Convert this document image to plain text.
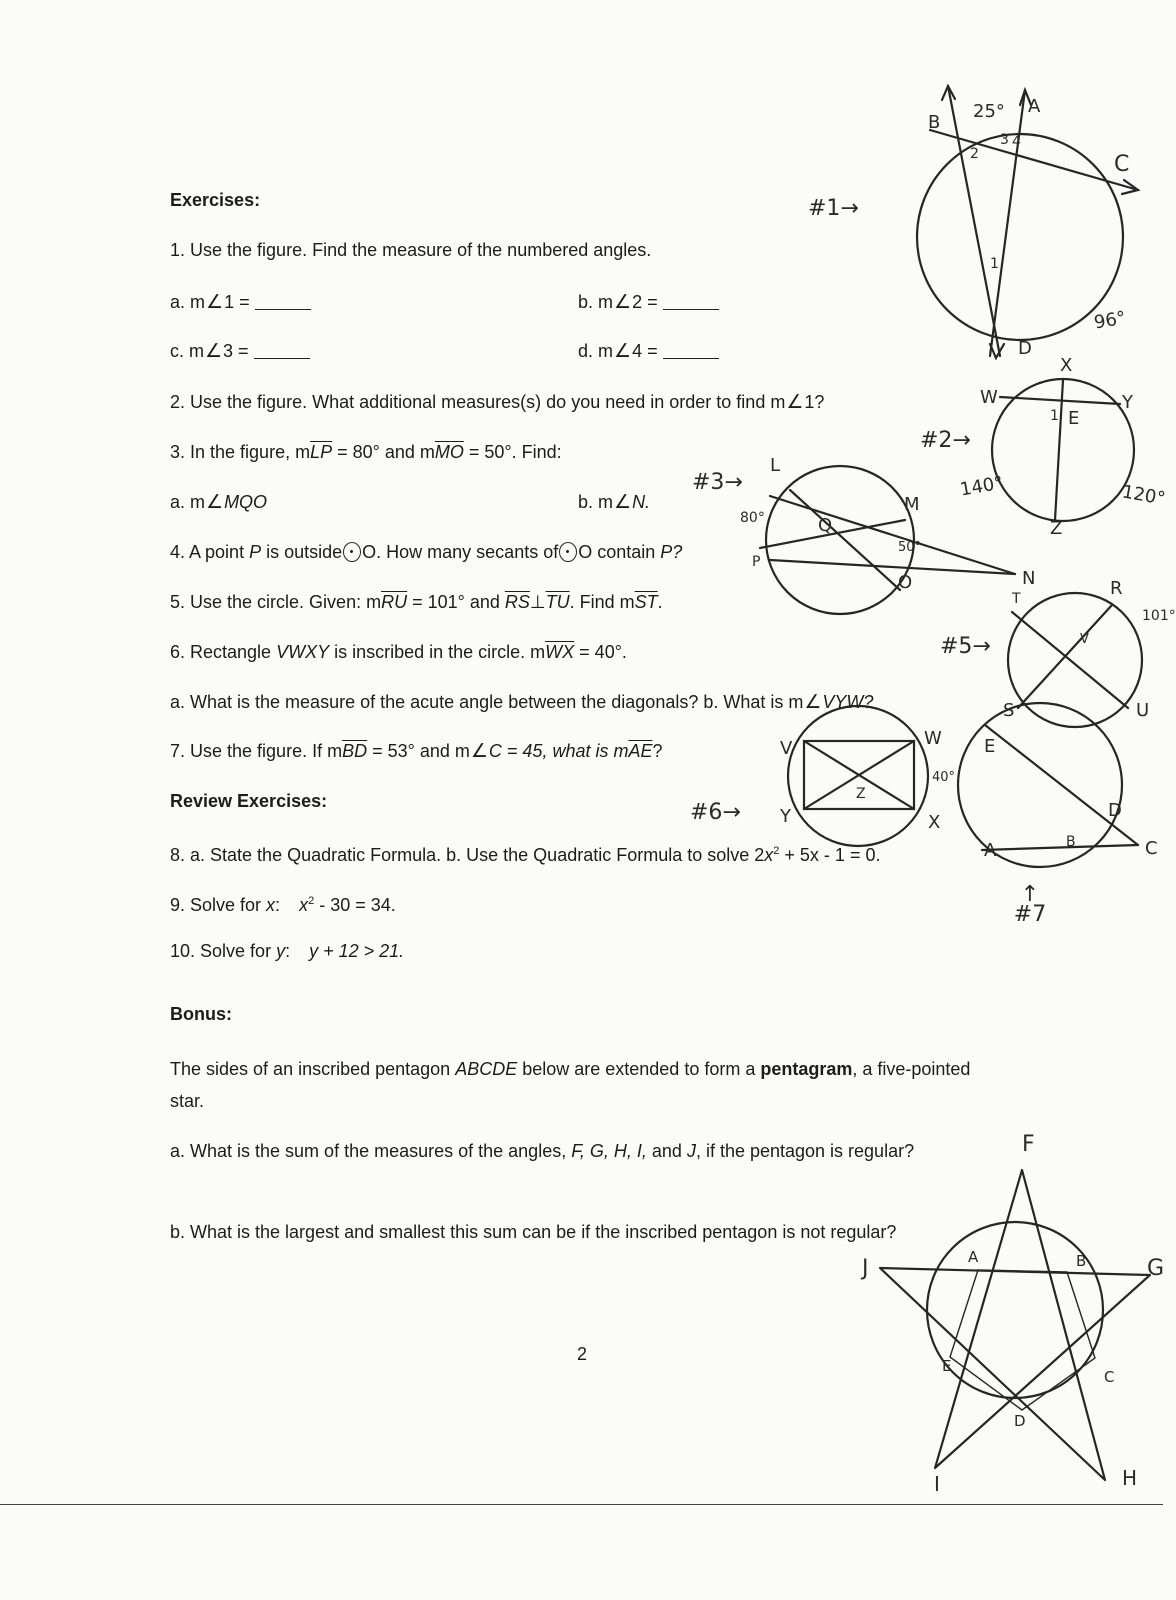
Exercises:
1. Use the figure. Find the measure of the numbered angles.
a. m∠1 =	b. m∠2 =
c. m∠3 =	d. m∠4 =
2. Use the figure. What additional measures(s) do you need in order to find m∠1?
3. In the figure, $m\overline{LP} = 80^\circ$ and $m\overline{MO} = 50^\circ$. Find:
a. m∠MQO	b. m∠N.
4. A point P is outside O. How many secants of O contain P?
5. Use the circle. Given: $m\overline{RU} = 101^\circ$ and $\overline{RS}\perp\overline{TU}$. Find $m\overline{ST}$.
6. Rectangle VWXY is inscribed in the circle. $m\overline{WX} = 40^\circ$.
a. What is the measure of the acute angle between the diagonals? b. What is m∠VYW?
7. Use the figure. If $m\overline{BD} = 53^\circ$ and m∠C = 45, what is $m\overline{AE}$?
Review Exercises:
8. a. State the Quadratic Formula. b. Use the Quadratic Formula to solve $2x^2 + 5x - 1 = 0$.
9. Solve for x: $x^2 - 30 = 34$.
10. Solve for y: y + 12 > 21.
Bonus:
The sides of an inscribed pentagon ABCDE below are extended to form a pentagram, a five-pointed star.
a. What is the sum of the measures of the angles, F, G, H, I, and J, if the pentagon is regular?
b. What is the largest and smallest this sum can be if the inscribed pentagon is not regular?
2
#1→
25°
96°
B
A
C
D
1
2
3 4
#2→
140°	120°
W
X
Y
Z
E
1
#3→
80°
50°
L
M
Q
O	N
P
#5→
101°
T	R
S	U
V
#6→
40°
V	W
X
Y
Z
↑ #7
E
D
A	B	C
F
G
H
I
J	A	B
C
D
E
